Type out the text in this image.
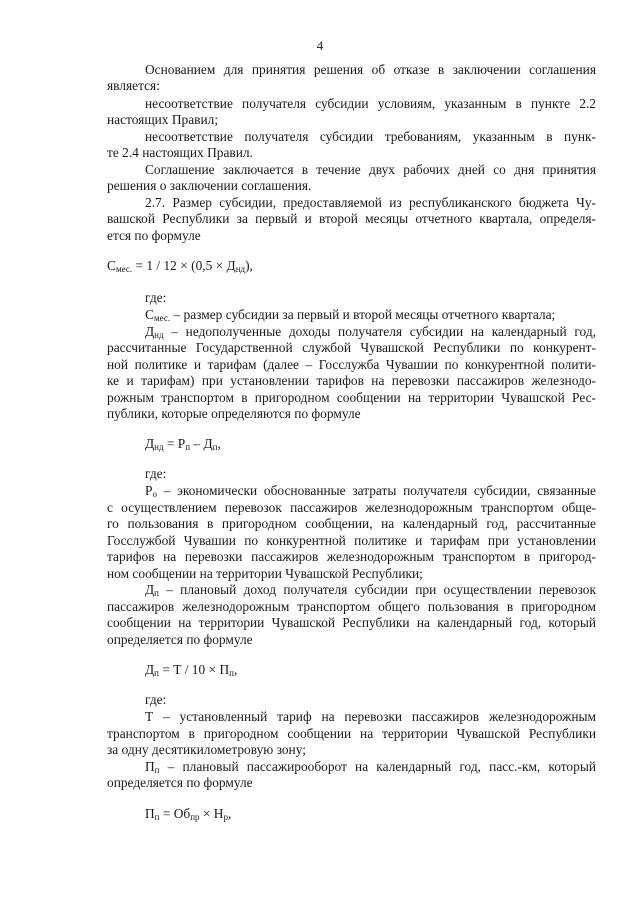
4
Основанием для принятия решения об отказе в заключении соглашения
является:
несоответствие получателя субсидии условиям, указанным в пункте 2.2
настоящих Правил;
несоответствие получателя субсидии требованиям, указанным в пунк-
те 2.4 настоящих Правил.
Соглашение заключается в течение двух рабочих дней со дня принятия
решения о заключении соглашения.
2.7. Размер субсидии, предоставляемой из республиканского бюджета Чу-
вашской Республики за первый и второй месяцы отчетного квартала, определя-
ется по формуле
$С_{мес.} = 1 / 12 \times (0,5 \times Д_{нд})$,
где:
$С_{мес.}$ – размер субсидии за первый и второй месяцы отчетного квартала;
$Д_{нд}$ – недополученные доходы получателя субсидии на календарный год,
рассчитанные Государственной службой Чувашской Республики по конкурент-
ной политике и тарифам (далее – Госслужба Чувашии по конкурентной полити-
ке и тарифам) при установлении тарифов на перевозки пассажиров железнодо-
рожным транспортом в пригородном сообщении на территории Чувашской Рес-
публики, которые определяются по формуле
$Д_{нд} = Р_п - Д_п$,
где:
$Р_о$ – экономически обоснованные затраты получателя субсидии, связанные
с осуществлением перевозок пассажиров железнодорожным транспортом обще-
го пользования в пригородном сообщении, на календарный год, рассчитанные
Госслужбой Чувашии по конкурентной политике и тарифам при установлении
тарифов на перевозки пассажиров железнодорожным транспортом в пригород-
ном сообщении на территории Чувашской Республики;
$Д_п$ – плановый доход получателя субсидии при осуществлении перевозок
пассажиров железнодорожным транспортом общего пользования в пригородном
сообщении на территории Чувашской Республики на календарный год, который
определяется по формуле
$Д_п = Т / 10 \times П_п$,
где:
Т – установленный тариф на перевозки пассажиров железнодорожным
транспортом в пригородном сообщении на территории Чувашской Республики
за одну десятикилометровую зону;
$П_п$ – плановый пассажирооборот на календарный год, пасс.-км, который
определяется по формуле
$П_п = Об_{пр} \times Н_р$,
